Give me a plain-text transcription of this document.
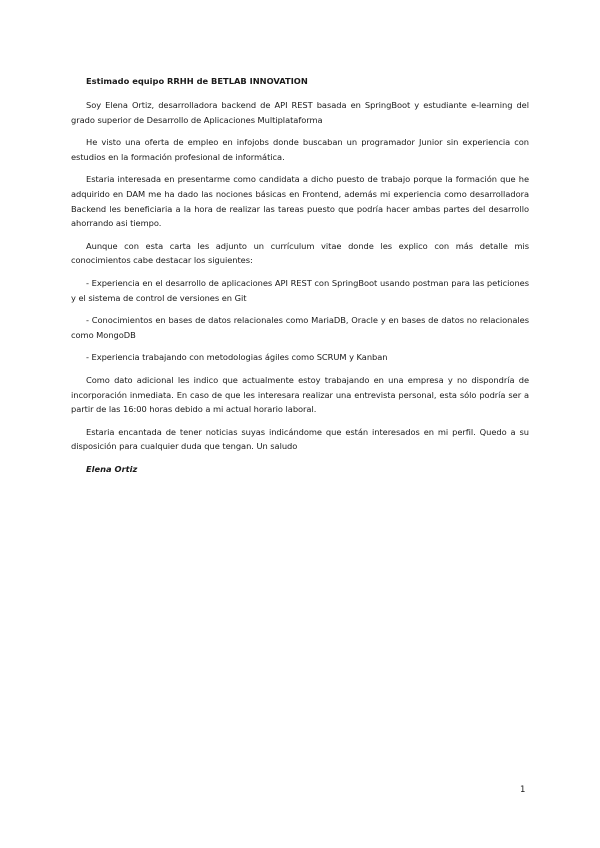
Estimado equipo RRHH de BETLAB INNOVATION

Soy Elena Ortiz, desarrolladora backend de API REST basada en SpringBoot y estudiante e-learning del grado superior de Desarrollo de Aplicaciones Multiplataforma

He visto una oferta de empleo en infojobs donde buscaban un programador Junior sin experiencia con estudios en la formación profesional de informática.

Estaria interesada en presentarme como candidata a dicho puesto de trabajo porque la formación que he adquirido en DAM me ha dado las nociones básicas en Frontend, además mi experiencia como desarrolladora Backend les beneficiaria a la hora de realizar las tareas puesto que podría hacer ambas partes del desarrollo ahorrando asi tiempo.

Aunque con esta carta les adjunto un currículum vitae donde les explico con más detalle mis conocimientos cabe destacar los siguientes:

- Experiencia en el desarrollo de aplicaciones API REST con SpringBoot usando postman para las peticiones y el sistema de control de versiones en Git

- Conocimientos en bases de datos relacionales como MariaDB, Oracle y en bases de datos no relacionales como MongoDB

- Experiencia trabajando con metodologias ágiles como SCRUM y Kanban

Como dato adicional les indico que actualmente estoy trabajando en una empresa y no dispondría de incorporación inmediata. En caso de que les interesara realizar una entrevista personal, esta sólo podría ser a partir de las 16:00 horas debido a mi actual horario laboral.

Estaria encantada de tener noticias suyas indicándome que están interesados en mi perfil. Quedo a su disposición para cualquier duda que tengan. Un saludo

Elena Ortiz

1
